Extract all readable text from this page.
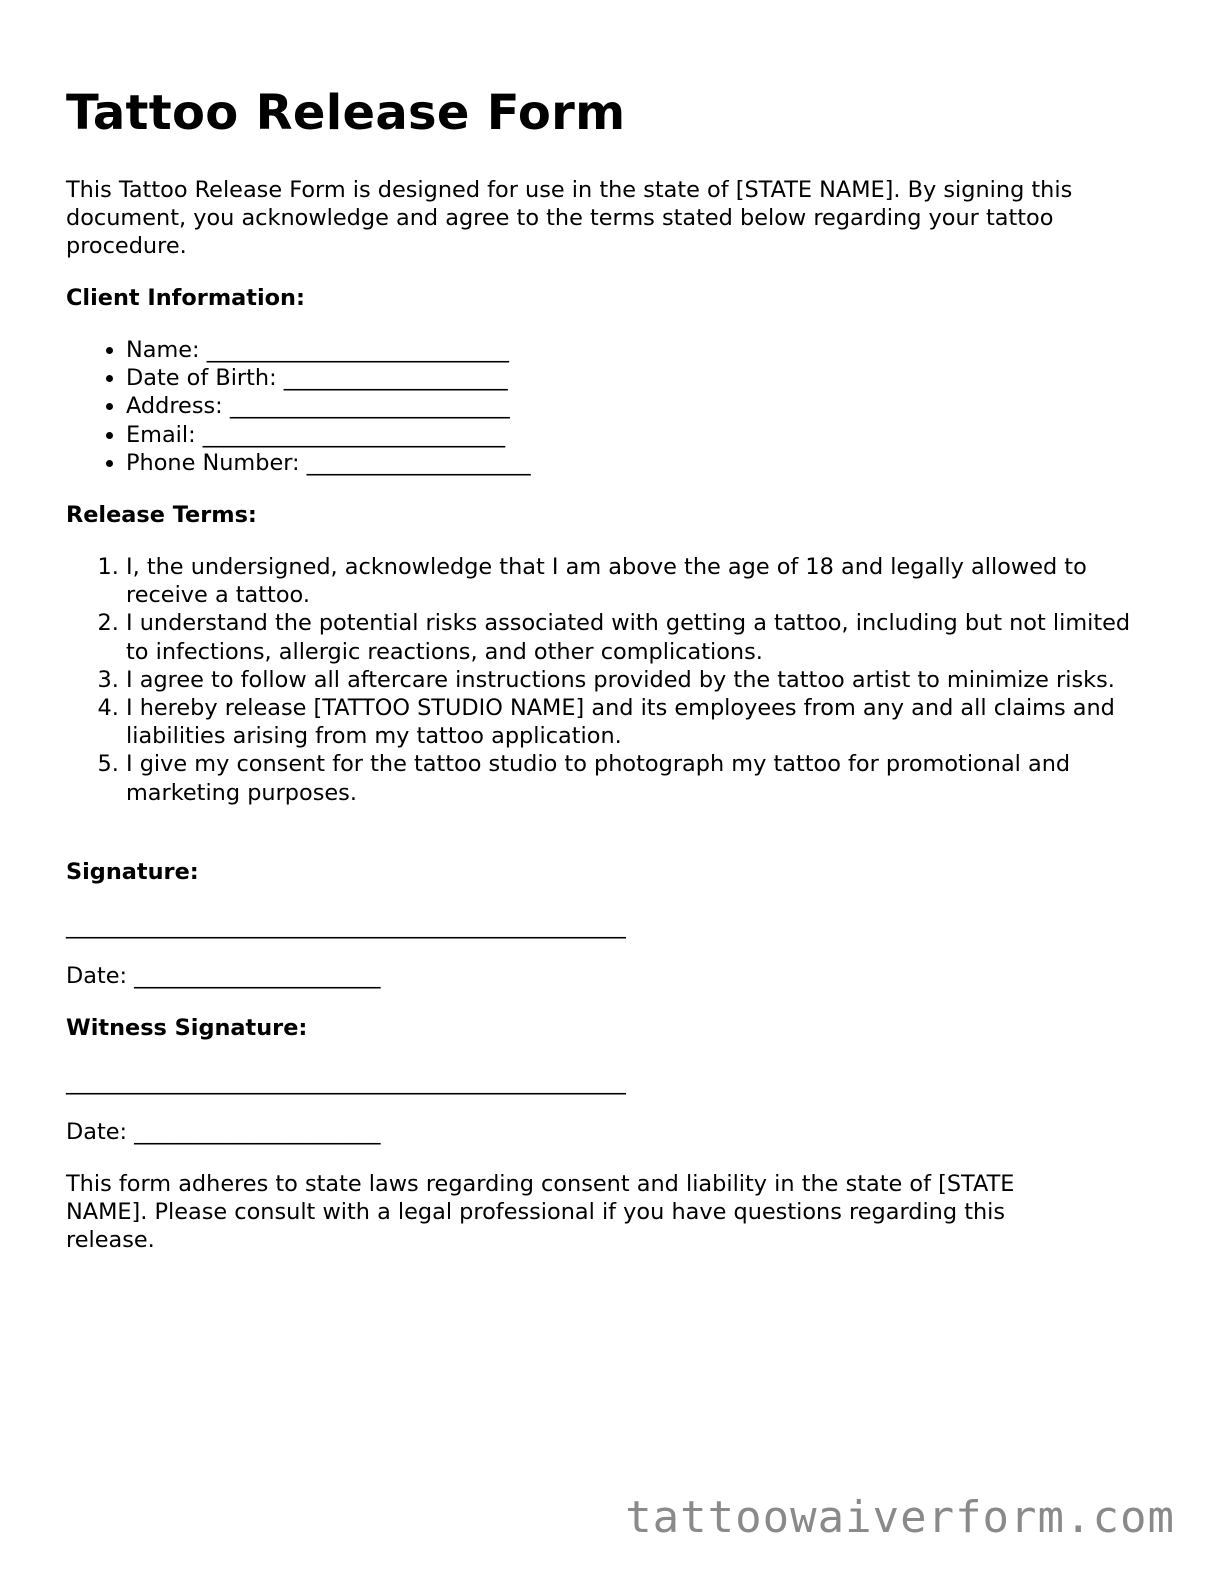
Tattoo Release Form

This Tattoo Release Form is designed for use in the state of [STATE NAME]. By signing this document, you acknowledge and agree to the terms stated below regarding your tattoo procedure.

Client Information:

• Name: ___________________________
• Date of Birth: ____________________
• Address: _________________________
• Email: ___________________________
• Phone Number: ____________________

Release Terms:

1. I, the undersigned, acknowledge that I am above the age of 18 and legally allowed to receive a tattoo.
2. I understand the potential risks associated with getting a tattoo, including but not limited to infections, allergic reactions, and other complications.
3. I agree to follow all aftercare instructions provided by the tattoo artist to minimize risks.
4. I hereby release [TATTOO STUDIO NAME] and its employees from any and all claims and liabilities arising from my tattoo application.
5. I give my consent for the tattoo studio to photograph my tattoo for promotional and marketing purposes.

Signature:

__________________________________________________

Date: ______________________

Witness Signature:

__________________________________________________

Date: ______________________

This form adheres to state laws regarding consent and liability in the state of [STATE NAME]. Please consult with a legal professional if you have questions regarding this release.

tattoowaiverform.com
